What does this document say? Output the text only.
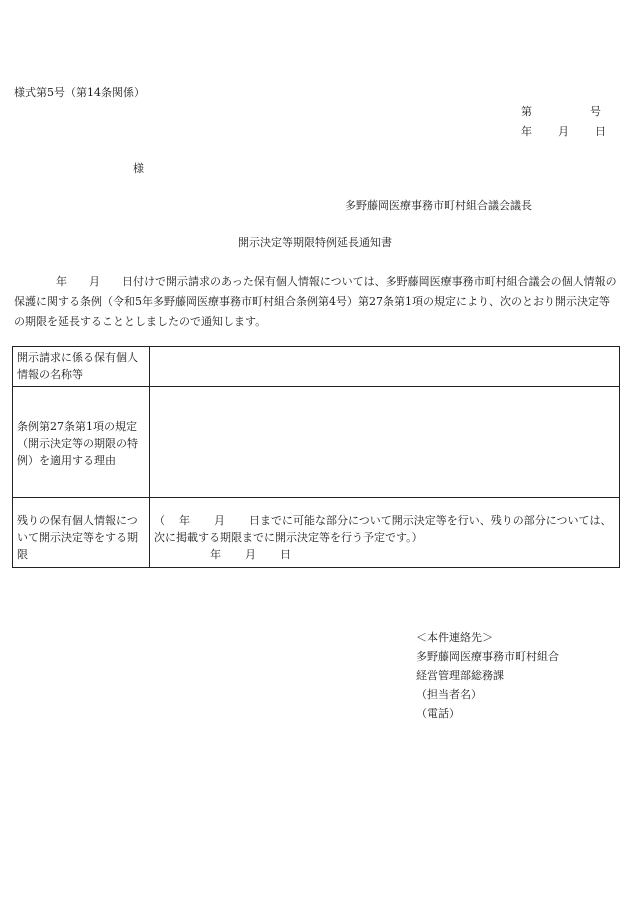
様式第5号（第14条関係）
第	号
年 月 日
様
多野藤岡医療事務市町村組合議会議長
開示決定等期限特例延長通知書
年 月 日付けで開示請求のあった保有個人情報については、多野藤岡医療事務市町村組合議会の個人情報の保護に関する条例（令和5年多野藤岡医療事務市町村組合条例第4号）第27条第1項の規定により、次のとおり開示決定等の期限を延長することとしましたので通知します。
開示請求に係る保有個人情報の名称等	
条例第27条第1項の規定（開示決定等の期限の特例）を適用する理由	
残りの保有個人情報について開示決定等をする期限	（ 年 月 日までに可能な部分について開示決定等を行い、残りの部分については、次に掲載する期限までに開示決定等を行う予定です。）
年 月 日
＜本件連絡先＞
多野藤岡医療事務市町村組合
経営管理部総務課
（担当者名）
（電話）
